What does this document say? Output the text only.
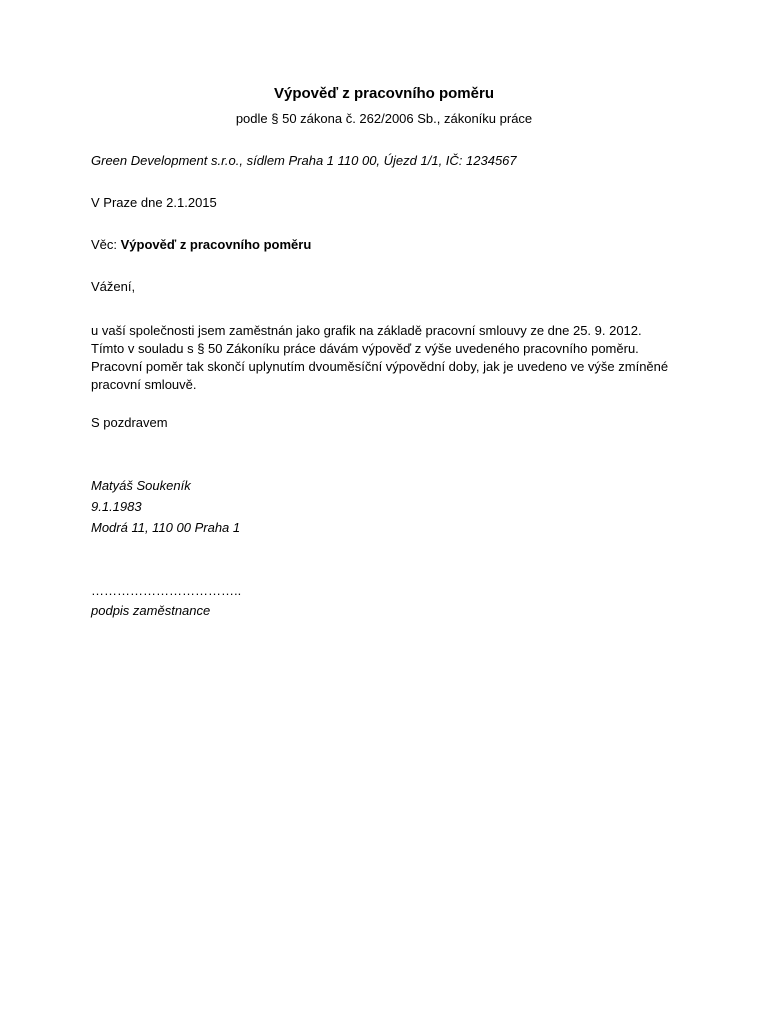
Výpověď z pracovního poměru
podle § 50 zákona č. 262/2006 Sb., zákoníku práce
Green Development s.r.o., sídlem Praha 1 110 00, Újezd 1/1, IČ: 1234567
V Praze dne 2.1.2015
Věc: Výpověď z pracovního poměru
Vážení,
u vaší společnosti jsem zaměstnán jako grafik na základě pracovní smlouvy ze dne 25. 9. 2012.
Tímto v souladu s § 50 Zákoníku práce dávám výpověď z výše uvedeného pracovního poměru.
Pracovní poměr tak skončí uplynutím dvouměsíční výpovědní doby, jak je uvedeno ve výše zmíněné
pracovní smlouvě.
S pozdravem
Matyáš Soukeník
9.1.1983
Modrá 11, 110 00 Praha 1
……………………………..
podpis zaměstnance
